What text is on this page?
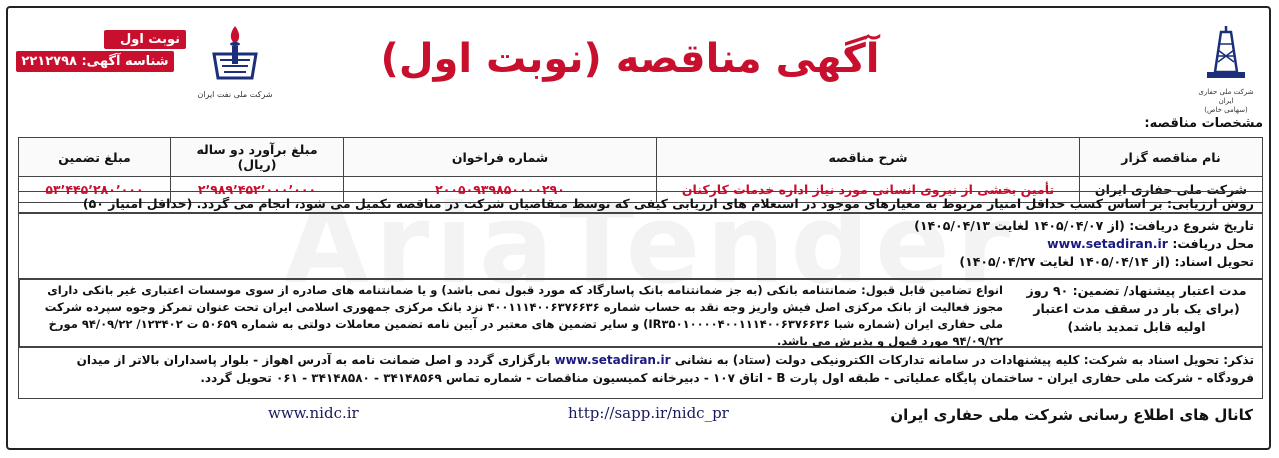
نوبت اول
شناسه آگهی: ۲۲۱۲۷۹۸
شرکت ملی نفت ایران
آگهی مناقصه (نوبت اول)
شرکت ملی حفاری ایران
(سهامی خاص)
مشخصات مناقصه:
نام مناقصه گزار	شرح مناقصه	شماره فراخوان	مبلغ برآورد دو ساله (ریال)	مبلغ تضمین
شرکت ملی حفاری ایران	تأمین بخشی از نیروی انسانی مورد نیاز اداره خدمات کارکنان	۲۰۰۵۰۹۳۹۸۵۰۰۰۰۲۹۰	۲٬۹۸۹٬۴۵۲٬۰۰۰٬۰۰۰	۵۳٬۴۴۵٬۲۸۰٬۰۰۰
روش ارزیابی: بر اساس کسب حداقل امتیاز مربوط به معیارهای موجود در استعلام های ارزیابی کیفی که توسط متقاضیان شرکت در مناقصه تکمیل می شود، انجام می گردد. (حداقل امتیاز ۵۰)
تاریخ شروع دریافت: (از ۱۴۰۵/۰۴/۰۷ لغایت ۱۴۰۵/۰۴/۱۳)
محل دریافت: www.setadiran.ir
تحویل اسناد: (از ۱۴۰۵/۰۴/۱۴ لغایت ۱۴۰۵/۰۴/۲۷)
مدت اعتبار پیشنهاد/ تضمین: ۹۰ روز (برای یک بار در سقف مدت اعتبار اولیه قابل تمدید باشد)
انواع تضامین قابل قبول: ضمانتنامه بانکی (به جز ضمانتنامه بانک پاسارگاد که مورد قبول نمی باشد) و یا ضمانتنامه های صادره از سوی موسسات اعتباری غیر بانکی دارای مجوز فعالیت از بانک مرکزی اصل فیش واریز وجه نقد به حساب شماره ۴۰۰۱۱۱۴۰۰۶۳۷۶۶۳۶ نزد بانک مرکزی جمهوری اسلامی ایران تحت عنوان تمرکز وجوه سپرده شرکت ملی حفاری ایران (شماره شبا IR۳۵۰۱۰۰۰۰۴۰۰۱۱۱۴۰۰۶۳۷۶۶۳۶) و سایر تضمین های معتبر در آیین نامه تضمین معاملات دولتی به شماره ۵۰۶۵۹ ت ۱۲۳۴۰۲/ ۹۴/۰۹/۲۲ مورخ ۹۴/۰۹/۲۲ مورد قبول و پذیرش می باشد.
تذکر: تحویل اسناد به شرکت: کلیه پیشنهادات در سامانه تدارکات الکترونیکی دولت (ستاد) به نشانی www.setadiran.ir بارگزاری گردد و اصل ضمانت نامه به آدرس اهواز - بلوار پاسداران بالاتر از میدان فرودگاه - شرکت ملی حفاری ایران - ساختمان پایگاه عملیاتی - طبقه اول پارت B - اتاق ۱۰۷ - دبیرخانه کمیسیون مناقصات - شماره تماس ۳۴۱۴۸۵۶۹ - ۳۴۱۴۸۵۸۰ - ۰۶۱ تحویل گردد.
کانال های اطلاع رسانی شرکت ملی حفاری ایران
http://sapp.ir/nidc_pr
www.nidc.ir
